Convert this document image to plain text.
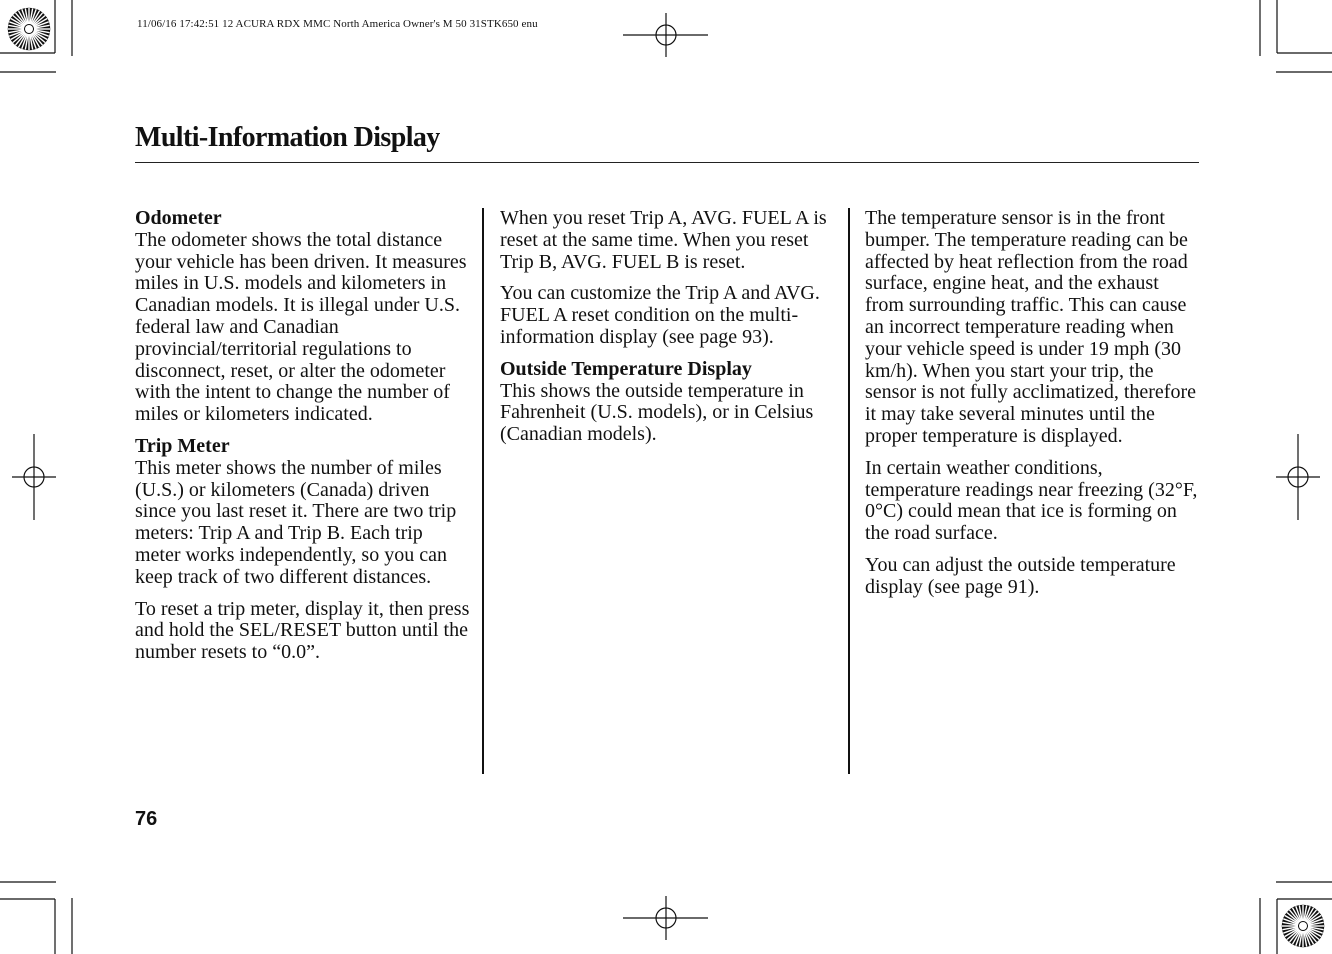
11/06/16 17:42:51 12 ACURA RDX MMC North America Owner's M 50 31STK650 enu
Multi-Information Display
Odometer

The odometer shows the total distance your vehicle has been driven. It measures miles in U.S. models and kilometers in Canadian models. It is illegal under U.S. federal law and Canadian provincial/territorial regulations to disconnect, reset, or alter the odometer with the intent to change the number of miles or kilometers indicated.

Trip Meter

This meter shows the number of miles (U.S.) or kilometers (Canada) driven since you last reset it. There are two trip meters: Trip A and Trip B. Each trip meter works independently, so you can keep track of two different distances.

To reset a trip meter, display it, then press and hold the SEL/RESET button until the number resets to “0.0”.

When you reset Trip A, AVG. FUEL A is reset at the same time. When you reset Trip B, AVG. FUEL B is reset.

You can customize the Trip A and AVG. FUEL A reset condition on the multi-information display (see page 93).

Outside Temperature Display

This shows the outside temperature in Fahrenheit (U.S. models), or in Celsius (Canadian models).

The temperature sensor is in the front bumper. The temperature reading can be affected by heat reflection from the road surface, engine heat, and the exhaust from surrounding traffic. This can cause an incorrect temperature reading when your vehicle speed is under 19 mph (30 km/h). When you start your trip, the sensor is not fully acclimatized, therefore it may take several minutes until the proper temperature is displayed.

In certain weather conditions, temperature readings near freezing (32°F, 0°C) could mean that ice is forming on the road surface.

You can adjust the outside temperature display (see page 91).

76
